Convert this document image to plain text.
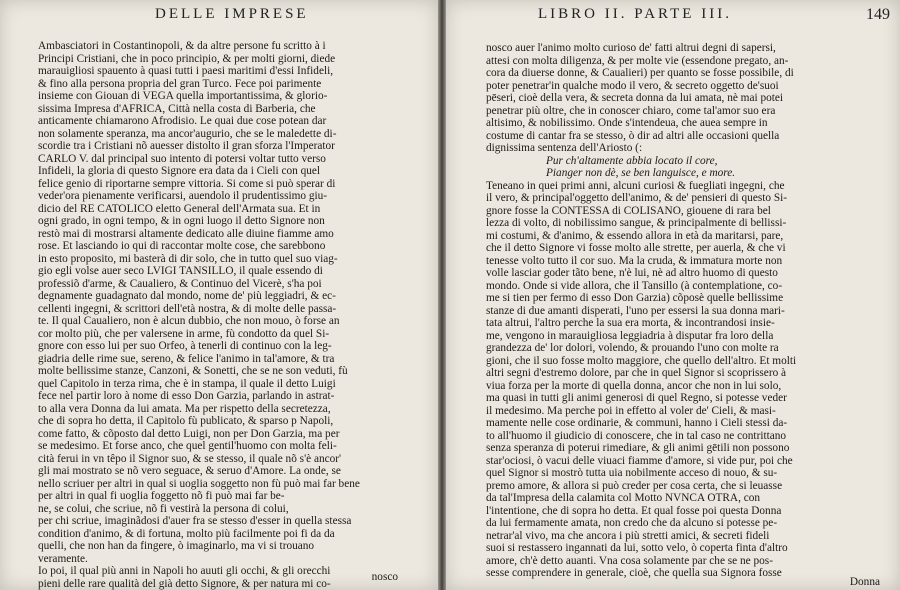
DELLE IMPRESE
Ambasciatori in Costantinopoli, & da altre persone fu scritto à i
Principi Cristiani, che in poco principio, & per molti giorni, diede
marauigliosi spauento à quasi tutti i paesi maritimi d'essi Infideli,
& fino alla persona propria del gran Turco. Fece poi parimente
insieme con Giouan di VEGA quella importantissima, & glorio-
sissima Impresa d'AFRICA, Città nella costa di Barberia, che
anticamente chiamarono Afrodisio. Le quai due cose potean dar
non solamente speranza, ma ancor'augurio, che se le maledette di-
scordie tra i Cristiani nõ auesser distolto il gran sforza l'Imperator
CARLO V. dal principal suo intento di potersi voltar tutto verso
Infideli, la gloria di questo Signore era data da i Cieli con quel
felice genio di riportarne sempre vittoria. Si come si può sperar di
veder'ora pienamente verificarsi, auendolo il prudentissimo giu-
dicio del RE CATOLICO eletto General dell'Armata sua. Et in
ogni grado, in ogni tempo, & in ogni luogo il detto Signore non
restò mai di mostrarsi altamente dedicato alle diuine fiamme amo
rose. Et lasciando io qui di raccontar molte cose, che sarebbono
in esto proposito, mi basterà di dir solo, che in tutto quel suo viag-
gio egli volse auer seco LVIGI TANSILLO, il quale essendo di
professiõ d'arme, & Caualiero, & Continuo del Vicerè, s'ha poi
degnamente guadagnato dal mondo, nome de' più leggiadri, & ec-
cellenti ingegni, & scrittori dell'età nostra, & di molte delle passa-
te. Il qual Caualiero, non è alcun dubbio, che non mouo, ò forse an
cor molto più, che per valersene in arme, fù condotto da quel Si-
gnore con esso lui per suo Orfeo, à tenerli di continuo con la leg-
giadria delle rime sue, sereno, & felice l'animo in tal'amore, & tra
molte bellissime stanze, Canzoni, & Sonetti, che se ne son veduti, fù
quel Capitolo in terza rima, che è in stampa, il quale il detto Luigi
fece nel partir loro à nome di esso Don Garzia, parlando in astrat-
to alla vera Donna da lui amata. Ma per rispetto della secretezza,
che di sopra ho detta, il Capitolo fù publicato, & sparso p Napoli,
come fatto, & cõposto dal detto Luigi, non per Don Garzia, ma per
se medesimo. Et forse anco, che quel gentil'huomo con molta feli-
cità ferui in vn têpo il Signor suo, & se stesso, il quale nõ s'è ancor'
gli mai mostrato se nõ vero seguace, & seruo d'Amore. La onde, se
nello scriuer per altri in qual si uoglia soggetto non fù può mai far bene
per altri in qual fi uoglia foggetto nõ fi può mai far be-
ne, se colui, che scriue, nõ fi vestirà la persona di colui,
per chi scriue, imaginãdosi d'auer fra se stesso d'esser in quella stessa
condition d'animo, & di fortuna, molto più facilmente poi fi da da
quelli, che non han da fingere, ò imaginarlo, ma vi si trouano
veramente.
Io poi, il qual più anni in Napoli ho auuti gli occhi, & gli orecchi
pieni delle rare qualità del già detto Signore, & per natura mi co-
nosco
LIBRO II. PARTE III.	149
nosco auer l'animo molto curioso de' fatti altrui degni di sapersi,
attesi con molta diligenza, & per molte vie (essendone pregato, an-
cora da diuerse donne, & Caualieri) per quanto se fosse possibile, di
poter penetrar'in qualche modo il vero, & secreto oggetto de'suoi
pēseri, cioè della vera, & secreta donna da lui amata, nè mai potei
penetrar più oltre, che in conoscer chiaro, come tal'amor suo era
altisimo, & nobilissimo. Onde s'intendeua, che auea sempre in
costume di cantar fra se stesso, ò dir ad altri alle occasioni quella
dignissima sentenza dell'Ariosto (:
Pur ch'altamente abbia locato il core,
Pianger non dè, se ben languisce, e more.
Teneano in quei primi anni, alcuni curiosi & fuegliati ingegni, che
il vero, & principal'oggetto dell'animo, & de' pensieri di questo Si-
gnore fosse la CONTESSA di COLISANO, giouene di rara bel
lezza di volto, di nobilissimo sangue, & principalmente di bellissi-
mi costumi, & d'animo, & essendo allora in età da maritarsi, pare,
che il detto Signore vi fosse molto alle strette, per auerla, & che vi
tenesse volto tutto il cor suo. Ma la cruda, & immatura morte non
volle lasciar goder tãto bene, n'è lui, nè ad altro huomo di questo
mondo. Onde si vide allora, che il Tansillo (à contemplatione, co-
me si tien per fermo di esso Don Garzia) cõposè quelle bellissime
stanze di due amanti disperati, l'uno per essersi la sua donna mari-
tata altrui, l'altro perche la sua era morta, & incontrandosi insie-
me, vengono in marauigliosa leggiadria à disputar fra loro della
grandezza de' lor dolori, volendo, & prouando l'uno con molte ra
gioni, che il suo fosse molto maggiore, che quello dell'altro. Et molti
altri segni d'estremo dolore, par che in quel Signor si scoprissero à
viua forza per la morte di quella donna, ancor che non in lui solo,
ma quasi in tutti gli animi generosi di quel Regno, si potesse veder
il medesimo. Ma perche poi in effetto al voler de' Cieli, & masi-
mamente nelle cose ordinarie, & communi, hanno i Cieli stessi da-
to all'huomo il giudicio di conoscere, che in tal caso ne contrittano
senza speranza di poterui rimediare, & gli animi gētili non possono
star'ociosi, ò vacui delle viuaci fiamme d'amore, si vide pur, poi che
quel Signor si mostrò tutta uia nobilmente acceso di nouo, & su-
premo amore, & allora si può creder per cosa certa, che si leuasse
da tal'Impresa della calamita col Motto NVNCA OTRA, con
l'intentione, che di sopra ho detta. Et qual fosse poi questa Donna
da lui fermamente amata, non credo che da alcuno si potesse pe-
netrar'al vivo, ma che ancora i più stretti amici, & secreti fideli
suoi si restassero ingannati da lui, sotto velo, ò coperta finta d'altro
amore, ch'è detto auanti. Vna cosa solamente par che se ne pos-
sesse comprendere in generale, cioè, che quella sua Signora fosse
Donna
